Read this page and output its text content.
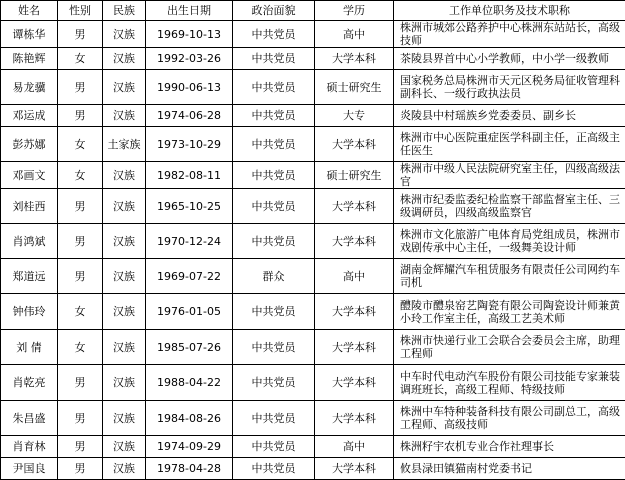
姓名	性别	民族	出生日期	政治面貌	学历	工作单位职务及技术职称
谭栋华	男	汉族	1969-10-13	中共党员	高中	株洲市城郊公路养护中心株洲东站站长，高级技师
陈艳辉	女	汉族	1992-03-26	中共党员	大学本科	茶陵县界首中心小学教师，中小学一级教师
易龙骥	男	汉族	1990-06-13	中共党员	硕士研究生	国家税务总局株洲市天元区税务局征收管理科副科长、一级行政执法员
邓运成	男	汉族	1974-06-28	中共党员	大专	炎陵县中村瑶族乡党委委员、副乡长
彭苏娜	女	土家族	1973-10-29	中共党员	大学本科	株洲市中心医院重症医学科副主任，正高级主任医生
邓画文	女	汉族	1982-08-11	中共党员	硕士研究生	株洲市中级人民法院研究室主任，四级高级法官
刘桂西	男	汉族	1965-10-25	中共党员	大学本科	株洲市纪委监委纪检监察干部监督室主任、三级调研员，四级高级监察官
肖鸿斌	男	汉族	1970-12-24	中共党员	大学本科	株洲市文化旅游广电体育局党组成员，株洲市戏剧传承中心主任，一级舞美设计师
郑道远	男	汉族	1969-07-22	群众	高中	湖南金辉耀汽车租赁服务有限责任公司网约车司机
钟伟玲	女	汉族	1976-01-05	中共党员	大学本科	醴陵市醴泉窑艺陶瓷有限公司陶瓷设计师兼黄小玲工作室主任，高级工艺美术师
刘 倩	女	汉族	1985-07-26	中共党员	大学本科	株洲市快递行业工会联合会委员会主席，助理工程师
肖乾亮	男	汉族	1988-04-22	中共党员	大学本科	中车时代电动汽车股份有限公司技能专家兼装调班班长，高级工程师、特级技师
朱昌盛	男	汉族	1984-08-26	中共党员	大学本科	株洲中车特种装备科技有限公司副总工，高级工程师、高级技师
肖育林	男	汉族	1974-09-29	中共党员	高中	株洲籽宇农机专业合作社理事长
尹国良	男	汉族	1978-04-28	中共党员	大学本科	攸县渌田镇猫南村党委书记
